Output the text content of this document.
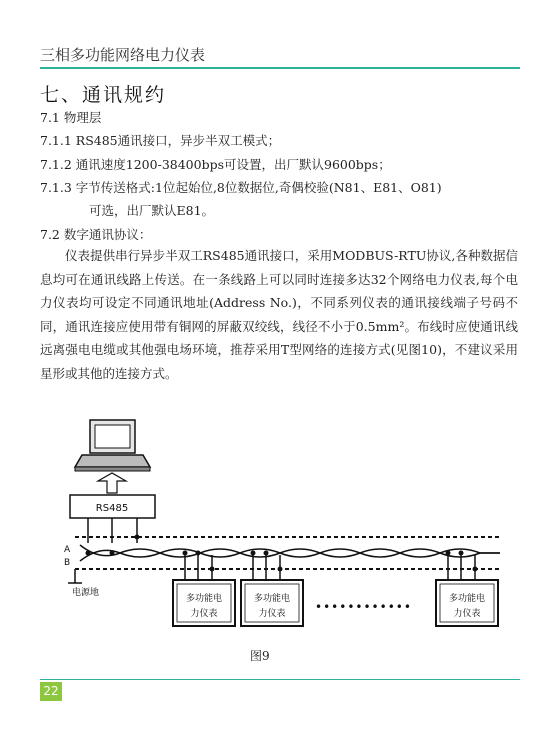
三相多功能网络电力仪表
七、通讯规约
7.1 物理层
7.1.1 RS485通讯接口，异步半双工模式；
7.1.2 通讯速度1200-38400bps可设置，出厂默认9600bps；
7.1.3 字节传送格式:1位起始位,8位数据位,奇偶校验(N81、E81、O81)
可选，出厂默认E81。
7.2 数字通讯协议：
　　仪表提供串行异步半双工RS485通讯接口，采用MODBUS-RTU协议,各种数据信息均可在通讯线路上传送。在一条线路上可以同时连接多达32个网络电力仪表,每个电力仪表均可设定不同通讯地址(Address No.)，不同系列仪表的通讯接线端子号码不同，通讯连接应使用带有铜网的屏蔽双绞线，线径不小于0.5mm²。布线时应使通讯线远离强电电缆或其他强电场环境，推荐采用T型网络的连接方式(见图10)，不建议采用星形或其他的连接方式。
RS485
A
B
电源地
多功能电
力仪表
多功能电
力仪表 ••••••••••••
多功能电
力仪表
图9
22
